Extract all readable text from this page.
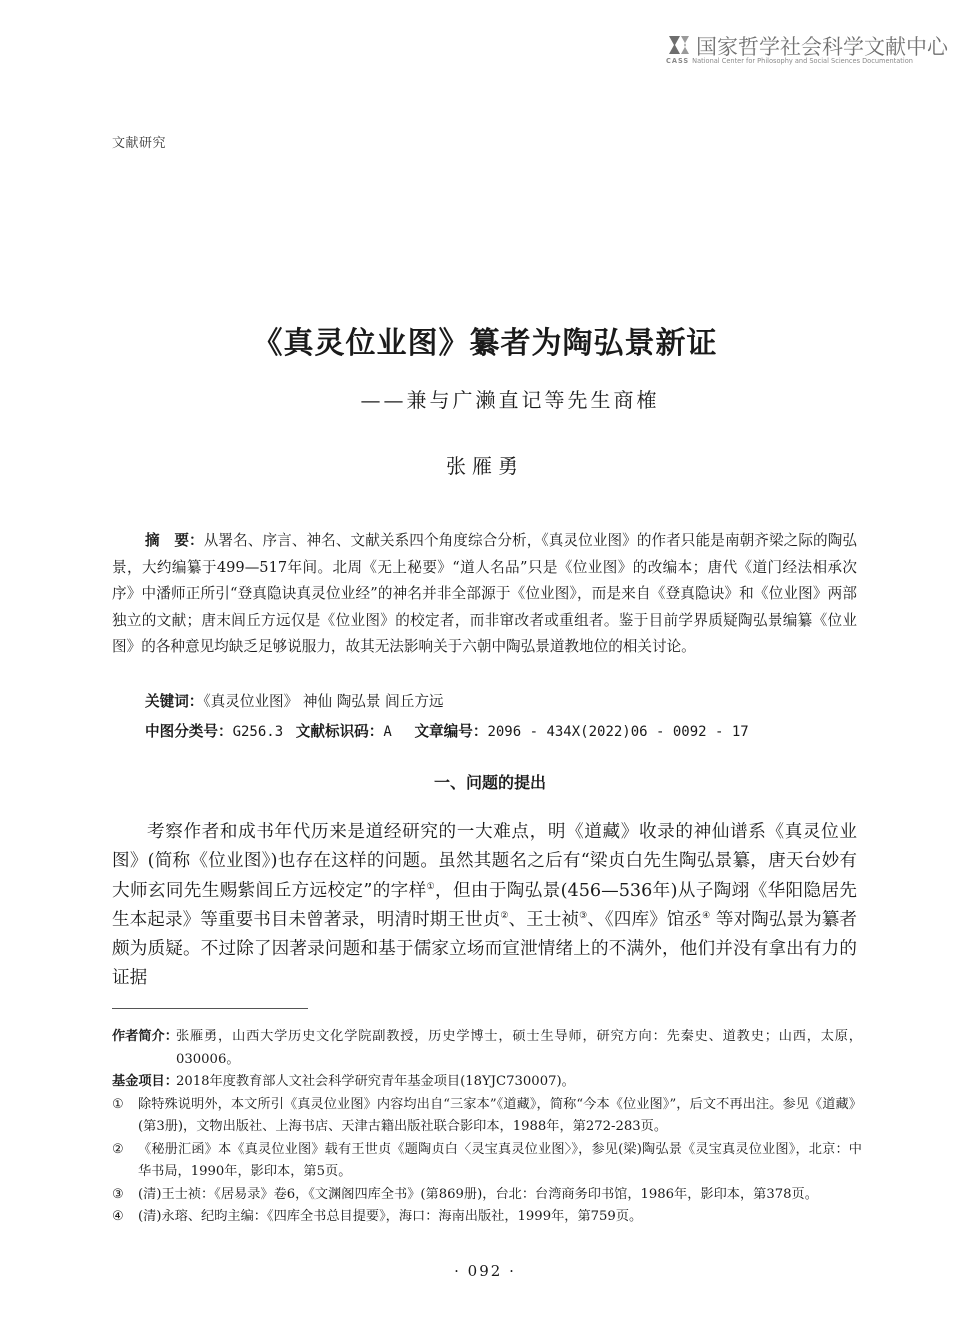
国家哲学社会科学文献中心
CASS National Center for Philosophy and Social Sciences Documentation
文献研究
《真灵位业图》纂者为陶弘景新证
——兼与广濑直记等先生商榷
张雁勇
摘　要：从署名、序言、神名、文献关系四个角度综合分析，《真灵位业图》的作者只能是南朝齐梁之际的陶弘景，大约编纂于499—517年间。北周《无上秘要》“道人名品”只是《位业图》的改编本；唐代《道门经法相承次序》中潘师正所引“登真隐诀真灵位业经”的神名并非全部源于《位业图》，而是来自《登真隐诀》和《位业图》两部独立的文献；唐末闾丘方远仅是《位业图》的校定者，而非窜改者或重组者。鉴于目前学界质疑陶弘景编纂《位业图》的各种意见均缺乏足够说服力，故其无法影响关于六朝中陶弘景道教地位的相关讨论。
关键词：《真灵位业图》 神仙 陶弘景 闾丘方远
中图分类号：G256.3 文献标识码：A 文章编号：2096 - 434X(2022)06 - 0092 - 17
一、问题的提出
考察作者和成书年代历来是道经研究的一大难点，明《道藏》收录的神仙谱系《真灵位业图》(简称《位业图》)也存在这样的问题。虽然其题名之后有“梁贞白先生陶弘景纂，唐天台妙有大师玄同先生赐紫闾丘方远校定”的字样①，但由于陶弘景(456—536年)从子陶翊《华阳隐居先生本起录》等重要书目未曾著录，明清时期王世贞②、王士祯③、《四库》馆丞④ 等对陶弘景为纂者颇为质疑。不过除了因著录问题和基于儒家立场而宣泄情绪上的不满外，他们并没有拿出有力的证据
作者简介：
张雁勇，山西大学历史文化学院副教授，历史学博士，硕士生导师，研究方向：先秦史、道教史；山西，太原，030006。
基金项目：
2018年度教育部人文社会科学研究青年基金项目(18YJC730007)。
① 除特殊说明外，本文所引《真灵位业图》内容均出自“三家本”《道藏》，简称“今本《位业图》”，后文不再出注。参见《道藏》(第3册)，文物出版社、上海书店、天津古籍出版社联合影印本，1988年，第272-283页。
② 《秘册汇函》本《真灵位业图》载有王世贞《题陶贞白〈灵宝真灵位业图〉》，参见(梁)陶弘景《灵宝真灵位业图》，北京：中华书局，1990年，影印本，第5页。
③ (清)王士祯：《居易录》卷6，《文渊阁四库全书》(第869册)，台北：台湾商务印书馆，1986年，影印本，第378页。
④ (清)永瑢、纪昀主编：《四库全书总目提要》，海口：海南出版社，1999年，第759页。
· 092 ·
